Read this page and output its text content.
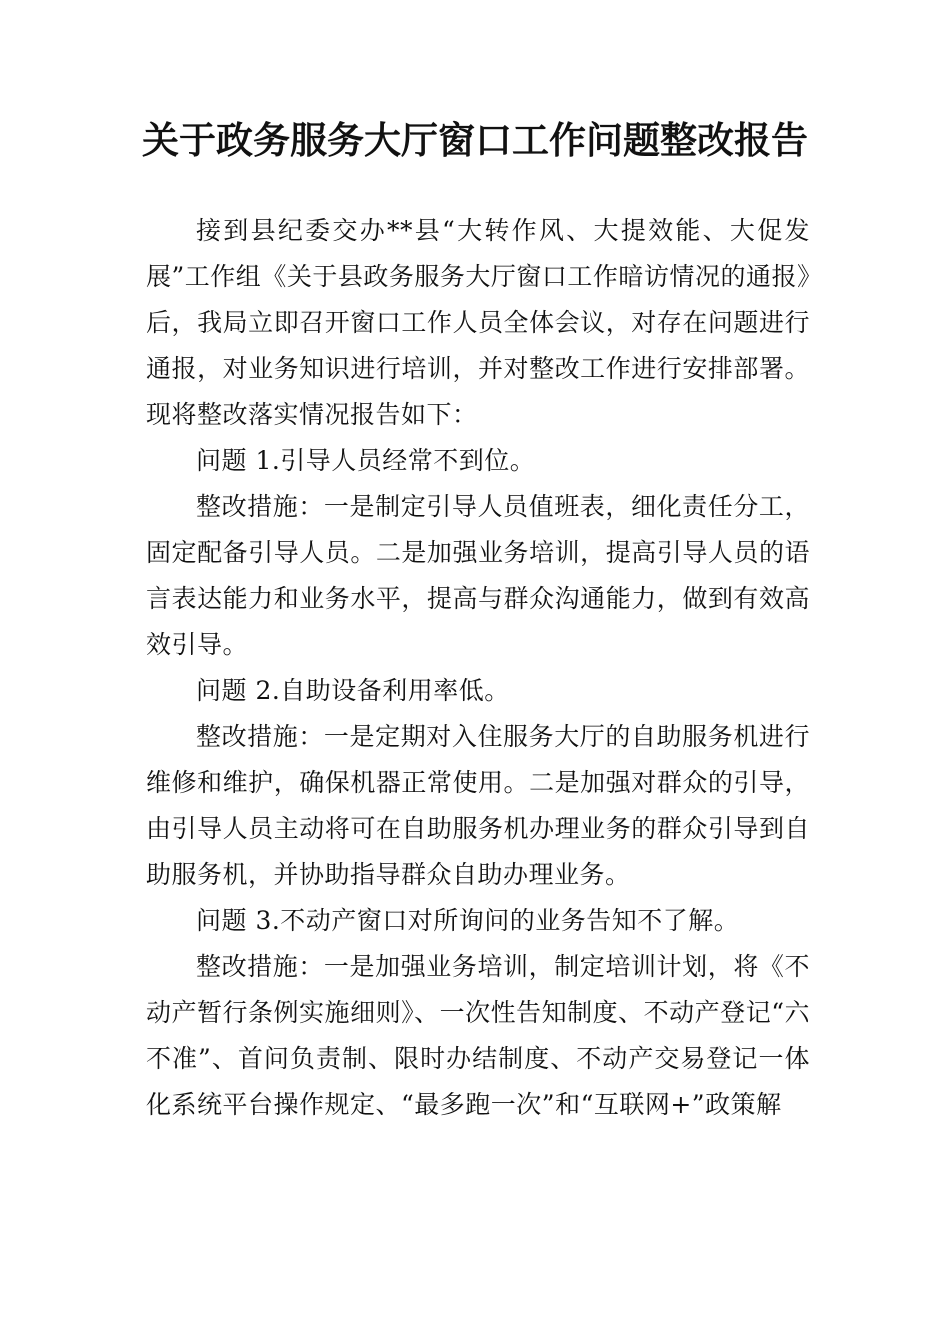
关于政务服务大厅窗口工作问题整改报告

接到县纪委交办**县“大转作风、大提效能、大促发展”工作组《关于县政务服务大厅窗口工作暗访情况的通报》后，我局立即召开窗口工作人员全体会议，对存在问题进行通报，对业务知识进行培训，并对整改工作进行安排部署。现将整改落实情况报告如下：

问题 1.引导人员经常不到位。

整改措施：一是制定引导人员值班表，细化责任分工，固定配备引导人员。二是加强业务培训，提高引导人员的语言表达能力和业务水平，提高与群众沟通能力，做到有效高效引导。

问题 2.自助设备利用率低。

整改措施：一是定期对入住服务大厅的自助服务机进行维修和维护，确保机器正常使用。二是加强对群众的引导，由引导人员主动将可在自助服务机办理业务的群众引导到自助服务机，并协助指导群众自助办理业务。

问题 3.不动产窗口对所询问的业务告知不了解。

整改措施：一是加强业务培训，制定培训计划，将《不动产暂行条例实施细则》、一次性告知制度、不动产登记“六不准”、首问负责制、限时办结制度、不动产交易登记一体 化系统平台操作规定、“最多跑一次”和“互联网+”政策解
